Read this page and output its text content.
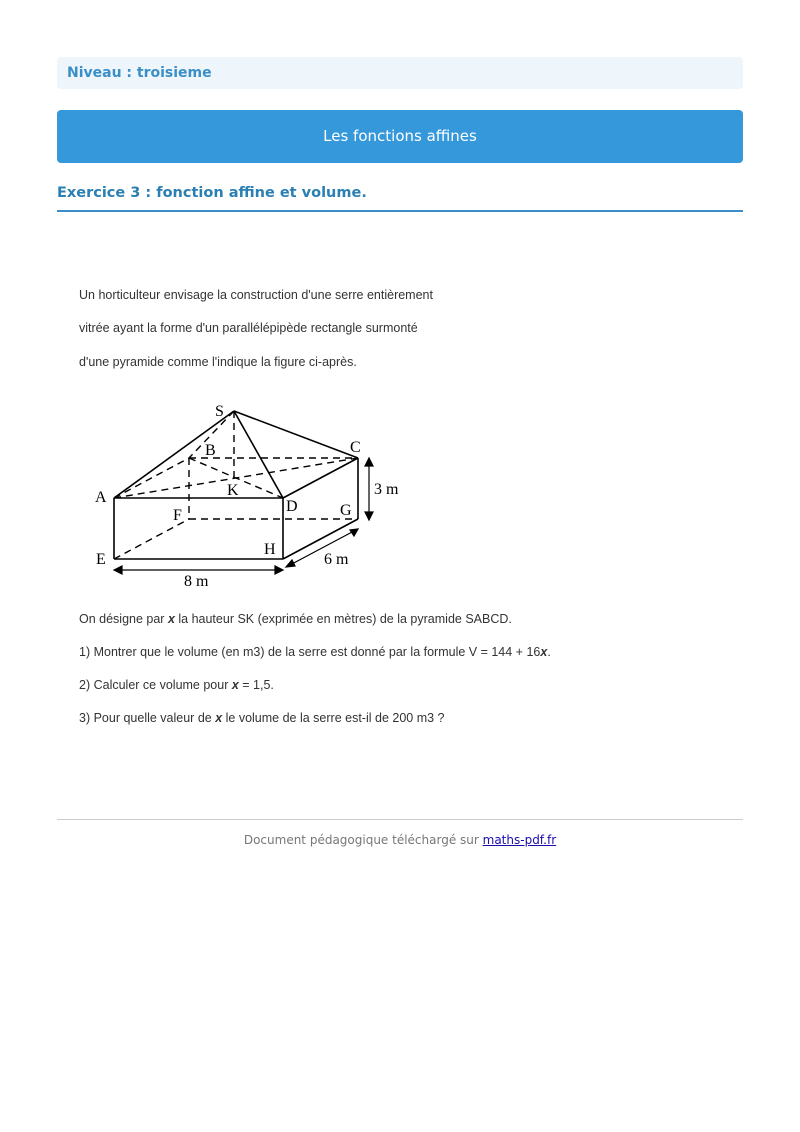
Niveau : troisieme
Les fonctions affines
Exercice 3 : fonction affine et volume.
Un horticulteur envisage la construction d'une serre entièrement
vitrée ayant la forme d'un parallélépipède rectangle surmonté
d'une pyramide comme l'indique la figure ci-après.
S
B	C
A	K
D
F	G
E
H
3 m
6 m
8 m
On désigne par x la hauteur SK (exprimée en mètres) de la pyramide SABCD.
1) Montrer que le volume (en m3) de la serre est donné par la formule V = 144 + 16x.
2) Calculer ce volume pour x = 1,5.
3) Pour quelle valeur de x le volume de la serre est-il de 200 m3 ?
Document pédagogique téléchargé sur maths-pdf.fr
